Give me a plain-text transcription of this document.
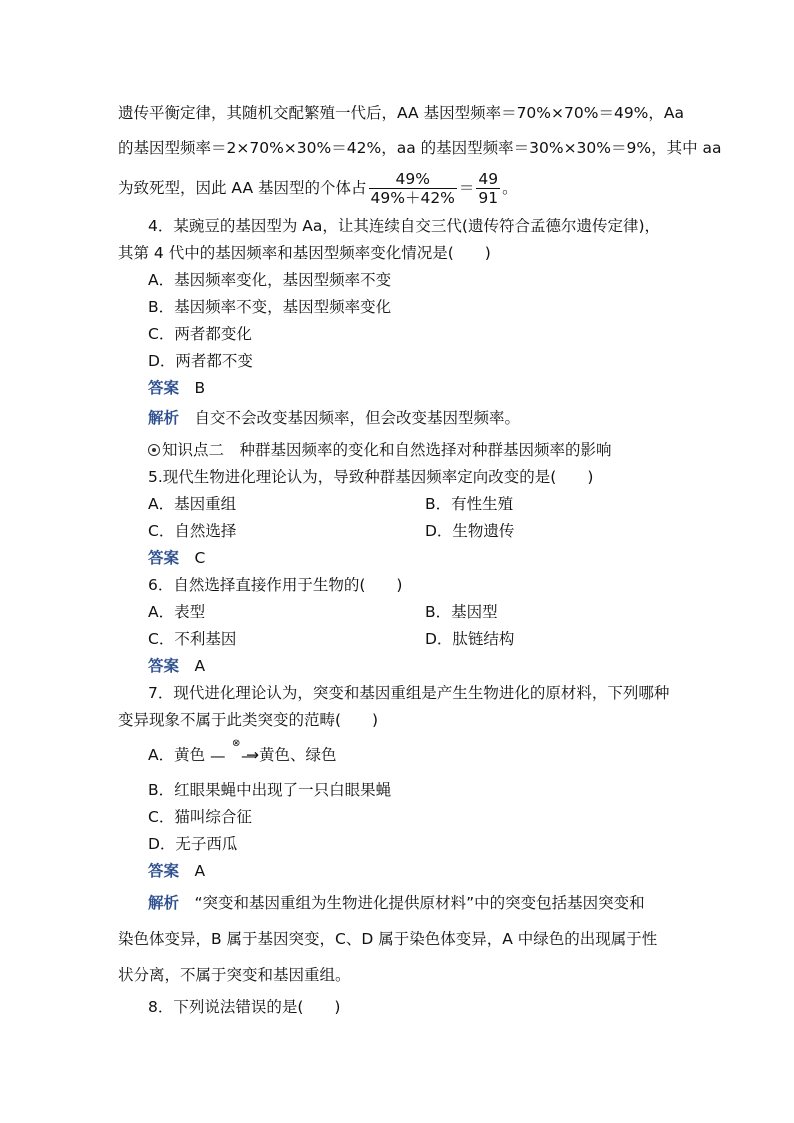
遗传平衡定律，其随机交配繁殖一代后，AA 基因型频率＝70%×70%＝49%，Aa
的基因型频率＝2×70%×30%＝42%，aa 的基因型频率＝30%×30%＝9%，其中 aa
为致死型，因此 AA 基因型的个体占 $\frac{49\%}{49\%+42\%} = \frac{49}{91}$ 。
4．某豌豆的基因型为 Aa，让其连续自交三代(遗传符合孟德尔遗传定律)，
其第 4 代中的基因频率和基因型频率变化情况是(　　)
A．基因频率变化，基因型频率不变
B．基因频率不变，基因型频率变化
C．两者都变化
D．两者都不变
答案　 B
解析　 自交不会改变基因频率，但会改变基因型频率。
知识点二　种群基因频率的变化和自然选择对种群基因频率的影响
5.现代生物进化理论认为，导致种群基因频率定向改变的是(　　)
A．基因重组	B．有性生殖
C．自然选择	D．生物遗传
答案　 C
6．自然选择直接作用于生物的(　　)
A．表型	B．基因型
C．不利基因	D．肽链结构
答案　 A
7．现代进化理论认为，突变和基因重组是产生生物进化的原材料，下列哪种
变异现象不属于此类突变的范畴(　　)
A．黄色
⊗
—　—
→黄色、绿色
B．红眼果蝇中出现了一只白眼果蝇
C．猫叫综合征
D．无子西瓜
答案　 A
解析　 “突变和基因重组为生物进化提供原材料”中的突变包括基因突变和
染色体变异，B 属于基因突变，C、D 属于染色体变异，A 中绿色的出现属于性
状分离，不属于突变和基因重组。
8．下列说法错误的是(　　)
